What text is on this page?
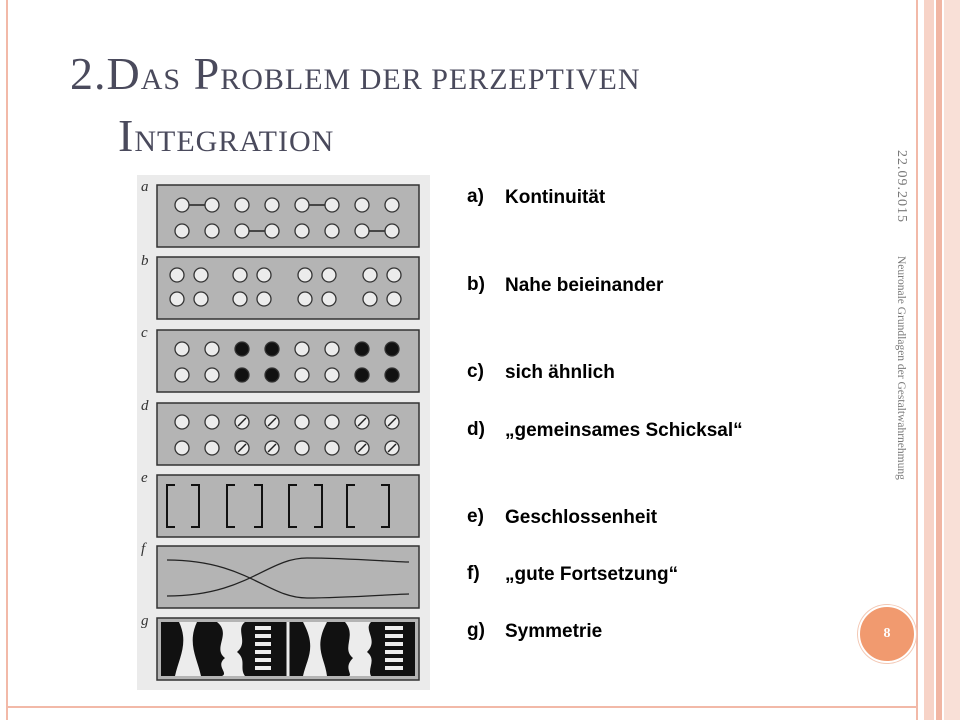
2.DAS PROBLEM DER PERZEPTIVEN
INTEGRATION
22.09.2015
Neuronale Grundlagen der Gestaltwahrnehmung
8
a
b
c
d
e
f
g
a)	Kontinuität
b)	Nahe beieinander
c)	sich ähnlich
d)	„gemeinsames Schicksal“
e)	Geschlossenheit
f)	„gute Fortsetzung“
g)	Symmetrie
